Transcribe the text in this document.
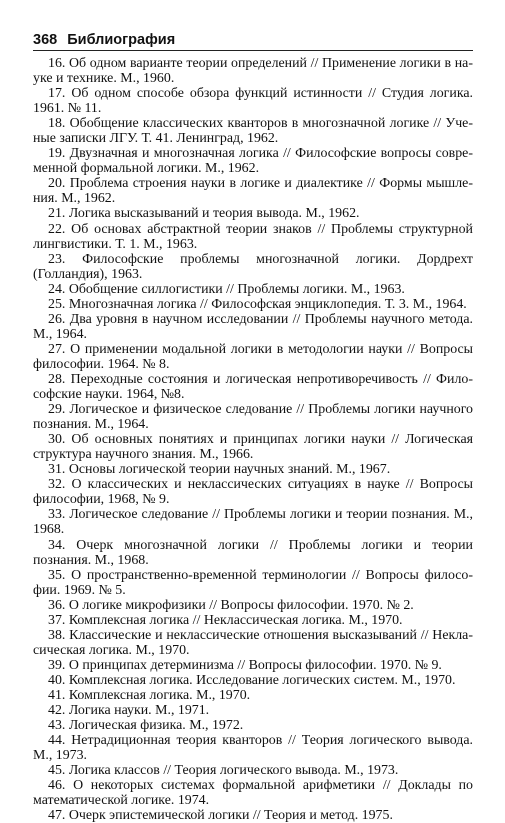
368 Библиография

16. Об одном варианте теории определений // Применение логики в науке и технике. М., 1960.

17. Об одном способе обзора функций истинности // Студия логика. 1961. № 11.

18. Обобщение классических кванторов в многозначной логике // Ученые записки ЛГУ. Т. 41. Ленинград, 1962.

19. Двузначная и многозначная логика // Философские вопросы современной формальной логики. М., 1962.

20. Проблема строения науки в логике и диалектике // Формы мышления. М., 1962.

21. Логика высказываний и теория вывода. М., 1962.

22. Об основах абстрактной теории знаков // Проблемы структурной лингвистики. Т. 1. М., 1963.

23. Философские проблемы многозначной логики. Дордрехт (Голландия), 1963.

24. Обобщение силлогистики // Проблемы логики. М., 1963.

25. Многозначная логика // Философская энциклопедия. Т. 3. М., 1964.

26. Два уровня в научном исследовании // Проблемы научного метода. М., 1964.

27. О применении модальной логики в методологии науки // Вопросы философии. 1964. № 8.

28. Переходные состояния и логическая непротиворечивость // Философские науки. 1964, №8.

29. Логическое и физическое следование // Проблемы логики научного познания. М., 1964.

30. Об основных понятиях и принципах логики науки // Логическая структура научного знания. М., 1966.

31. Основы логической теории научных знаний. М., 1967.

32. О классических и неклассических ситуациях в науке // Вопросы философии, 1968, № 9.

33. Логическое следование // Проблемы логики и теории познания. М., 1968.

34. Очерк многозначной логики // Проблемы логики и теории познания. М., 1968.

35. О пространственно-временной терминологии // Вопросы философии. 1969. № 5.

36. О логике микрофизики // Вопросы философии. 1970. № 2.

37. Комплексная логика // Неклассическая логика. М., 1970.

38. Классические и неклассические отношения высказываний // Некласическая логика. М., 1970.

39. О принципах детерминизма // Вопросы философии. 1970. № 9.

40. Комплексная логика. Исследование логических систем. М., 1970.

41. Комплексная логика. М., 1970.

42. Логика науки. М., 1971.

43. Логическая физика. М., 1972.

44. Нетрадиционная теория кванторов // Теория логического вывода. М., 1973.

45. Логика классов // Теория логического вывода. М., 1973.

46. О некоторых системах формальной арифметики // Доклады по математической логике. 1974.

47. Очерк эпистемической логики // Теория и метод. 1975.
